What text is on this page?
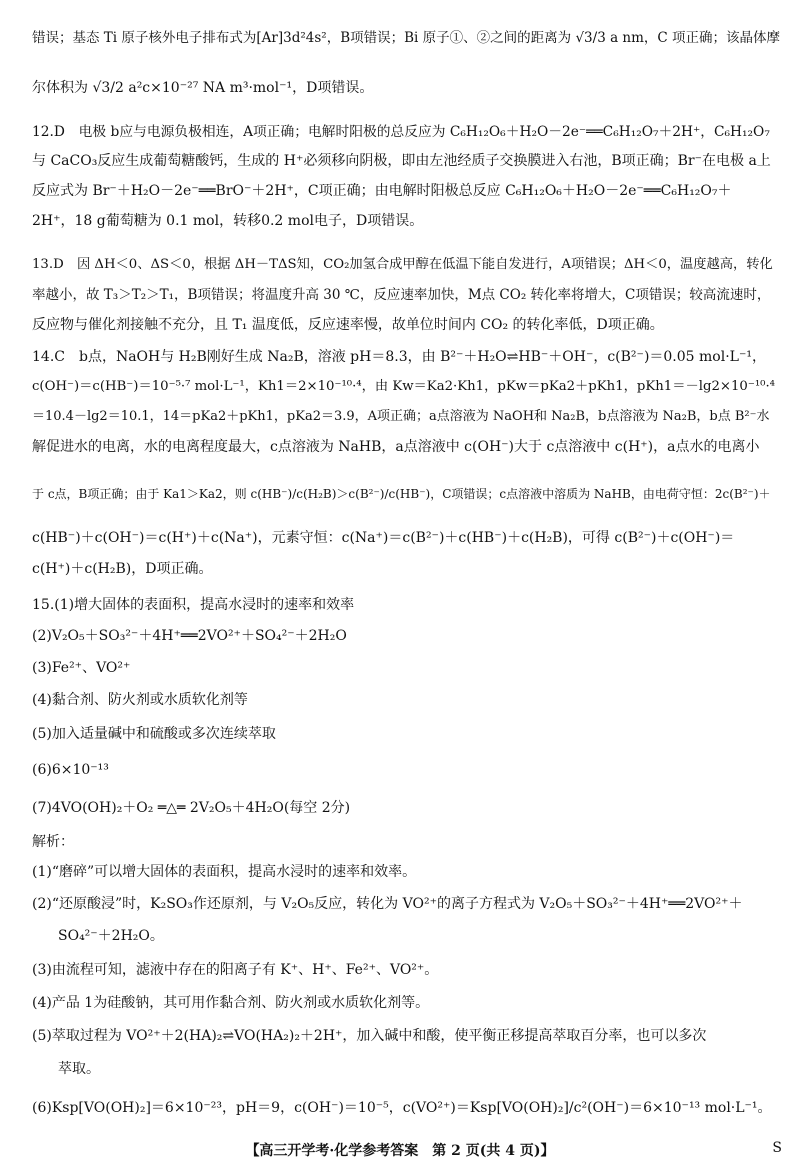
错误；基态 Ti 原子核外电子排布式为[Ar]3d²4s²，B项错误；Bi 原子①、②之间的距离为 √3/3 a nm，C 项正确；该晶体摩
尔体积为 √3/2 a²c×10⁻²⁷ NA m³·mol⁻¹，D项错误。
12.D　电极 b应与电源负极相连，A项正确；电解时阳极的总反应为 C₆H₁₂O₆＋H₂O－2e⁻══C₆H₁₂O₇＋2H⁺，C₆H₁₂O₇
与 CaCO₃反应生成葡萄糖酸钙，生成的 H⁺必须移向阴极，即由左池经质子交换膜进入右池，B项正确；Br⁻在电极 a上
反应式为 Br⁻＋H₂O－2e⁻══BrO⁻＋2H⁺，C项正确；由电解时阳极总反应 C₆H₁₂O₆＋H₂O－2e⁻══C₆H₁₂O₇＋
2H⁺，18 g葡萄糖为 0.1 mol，转移0.2 mol电子，D项错误。
13.D　因 ΔH＜0、ΔS＜0，根据 ΔH－TΔS知，CO₂加氢合成甲醇在低温下能自发进行，A项错误；ΔH＜0，温度越高，转化
率越小，故 T₃＞T₂＞T₁，B项错误；将温度升高 30 ℃，反应速率加快，M点 CO₂ 转化率将增大，C项错误；较高流速时，
反应物与催化剂接触不充分，且 T₁ 温度低，反应速率慢，故单位时间内 CO₂ 的转化率低，D项正确。
14.C　b点，NaOH与 H₂B刚好生成 Na₂B，溶液 pH＝8.3，由 B²⁻＋H₂O⇌HB⁻＋OH⁻，c(B²⁻)＝0.05 mol·L⁻¹，
c(OH⁻)＝c(HB⁻)＝10⁻⁵·⁷ mol·L⁻¹，Kh1＝2×10⁻¹⁰·⁴，由 Kw＝Ka2·Kh1，pKw＝pKa2＋pKh1，pKh1＝－lg2×10⁻¹⁰·⁴
＝10.4－lg2＝10.1，14＝pKa2＋pKh1，pKa2＝3.9，A项正确；a点溶液为 NaOH和 Na₂B，b点溶液为 Na₂B，b点 B²⁻水
解促进水的电离，水的电离程度最大，c点溶液为 NaHB，a点溶液中 c(OH⁻)大于 c点溶液中 c(H⁺)，a点水的电离小
于 c点，B项正确；由于 Ka1＞Ka2，则 c(HB⁻)/c(H₂B)＞c(B²⁻)/c(HB⁻)，C项错误；c点溶液中溶质为 NaHB，由电荷守恒：2c(B²⁻)＋
c(HB⁻)＋c(OH⁻)＝c(H⁺)＋c(Na⁺)，元素守恒：c(Na⁺)＝c(B²⁻)＋c(HB⁻)＋c(H₂B)，可得 c(B²⁻)＋c(OH⁻)＝
c(H⁺)＋c(H₂B)，D项正确。
15.(1)增大固体的表面积，提高水浸时的速率和效率
(2)V₂O₅＋SO₃²⁻＋4H⁺══2VO²⁺＋SO₄²⁻＋2H₂O
(3)Fe²⁺、VO²⁺
(4)黏合剂、防火剂或水质软化剂等
(5)加入适量碱中和硫酸或多次连续萃取
(6)6×10⁻¹³
(7)4VO(OH)₂＋O₂ ═△═ 2V₂O₅＋4H₂O(每空 2分)
解析：
(1)“磨碎”可以增大固体的表面积，提高水浸时的速率和效率。
(2)“还原酸浸”时，K₂SO₃作还原剂，与 V₂O₅反应，转化为 VO²⁺的离子方程式为 V₂O₅＋SO₃²⁻＋4H⁺══2VO²⁺＋
SO₄²⁻＋2H₂O。
(3)由流程可知，滤液中存在的阳离子有 K⁺、H⁺、Fe²⁺、VO²⁺。
(4)产品 1为硅酸钠，其可用作黏合剂、防火剂或水质软化剂等。
(5)萃取过程为 VO²⁺＋2(HA)₂⇌VO(HA₂)₂＋2H⁺，加入碱中和酸，使平衡正移提高萃取百分率，也可以多次
萃取。
(6)Ksp[VO(OH)₂]＝6×10⁻²³，pH＝9，c(OH⁻)＝10⁻⁵，c(VO²⁺)＝Ksp[VO(OH)₂]/c²(OH⁻)＝6×10⁻¹³ mol·L⁻¹。
【高三开学考·化学参考答案　第 2 页(共 4 页)】	S
